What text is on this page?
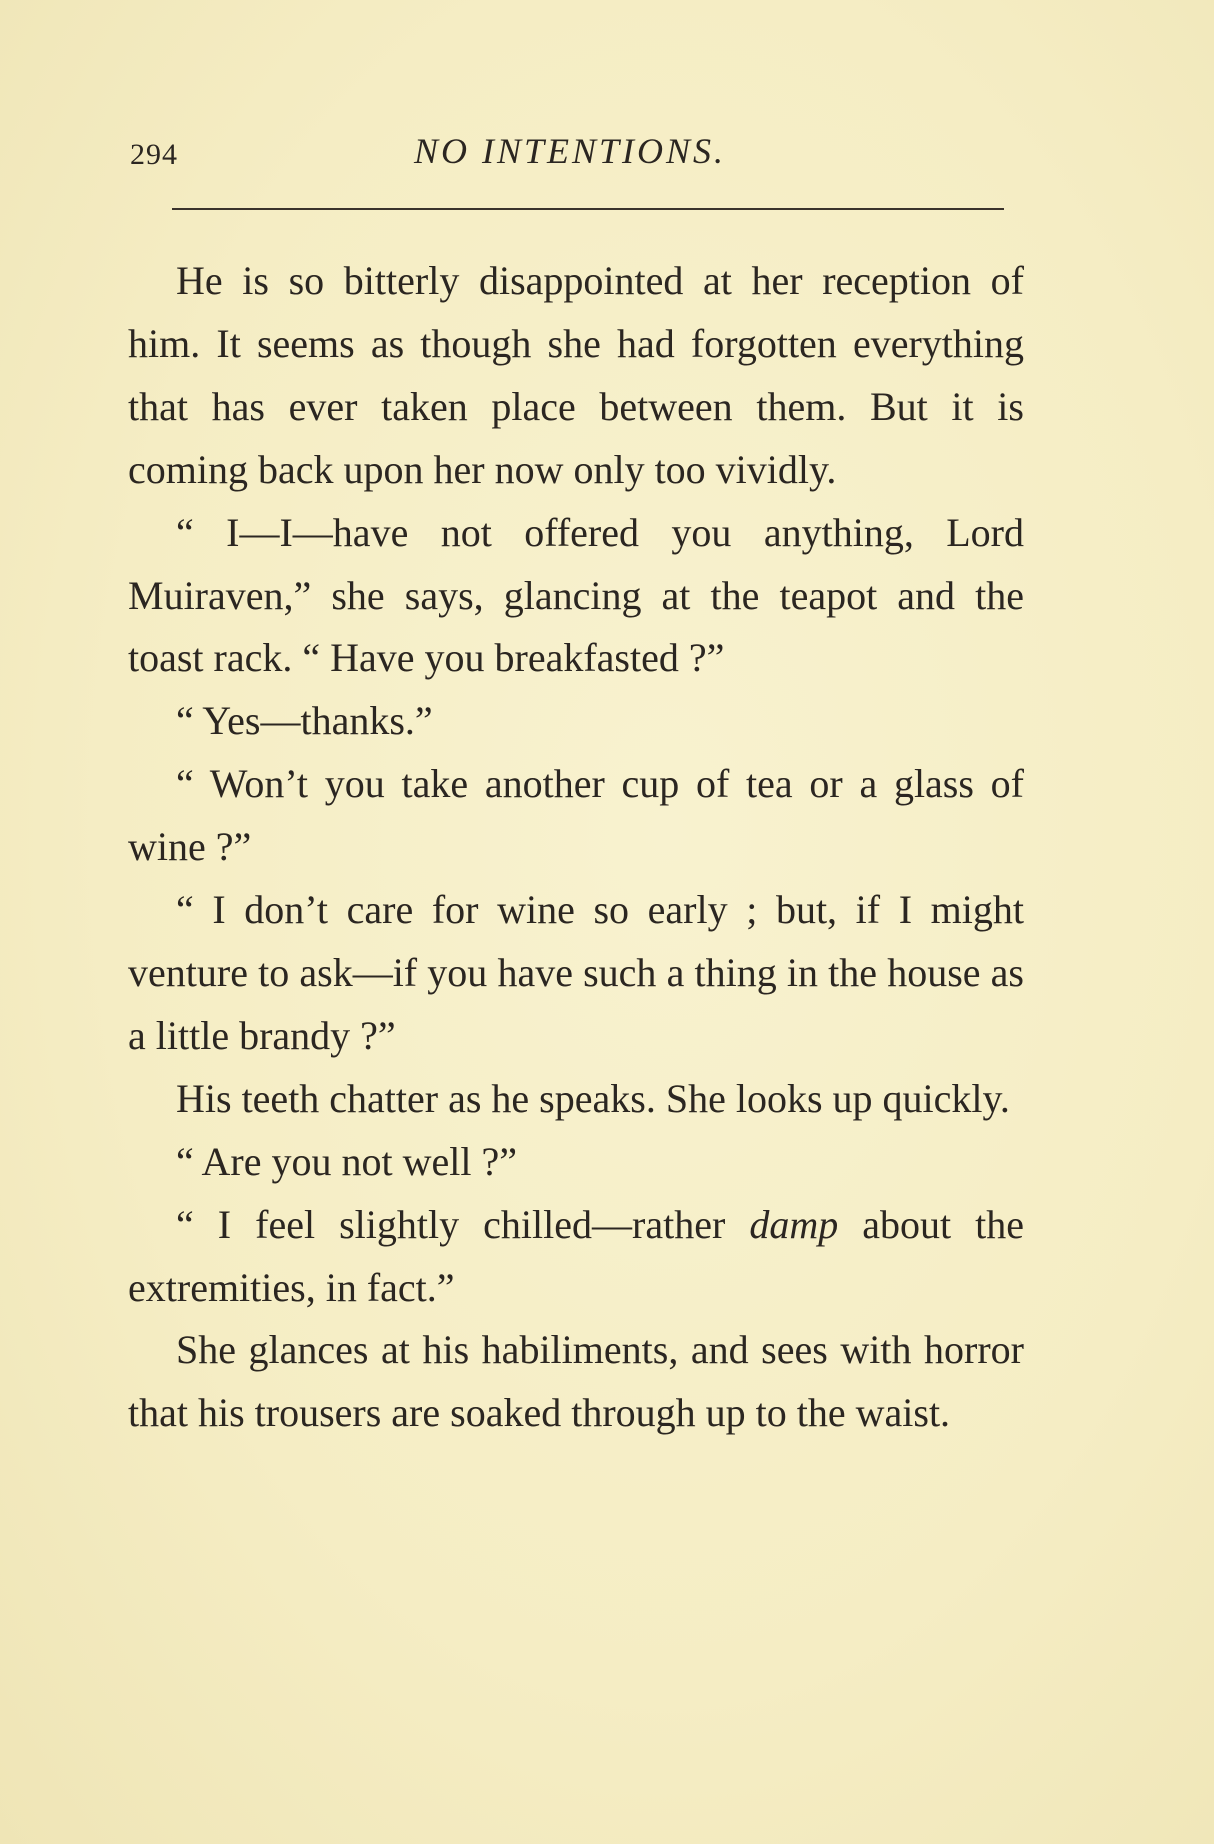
294	NO INTENTIONS.

He is so bitterly disappointed at her reception of him. It seems as though she had forgotten everything that has ever taken place between them. But it is coming back upon her now only too vividly.

“ I—I—have not offered you anything, Lord Muiraven,” she says, glancing at the teapot and the toast rack. “ Have you breakfasted ?”

“ Yes—thanks.”

“ Won’t you take another cup of tea or a glass of wine ?”

“ I don’t care for wine so early ; but, if I might venture to ask—if you have such a thing in the house as a little brandy ?”

His teeth chatter as he speaks. She looks up quickly.

“ Are you not well ?”

“ I feel slightly chilled—rather damp about the extremities, in fact.”

She glances at his habiliments, and sees with horror that his trousers are soaked through up to the waist.
